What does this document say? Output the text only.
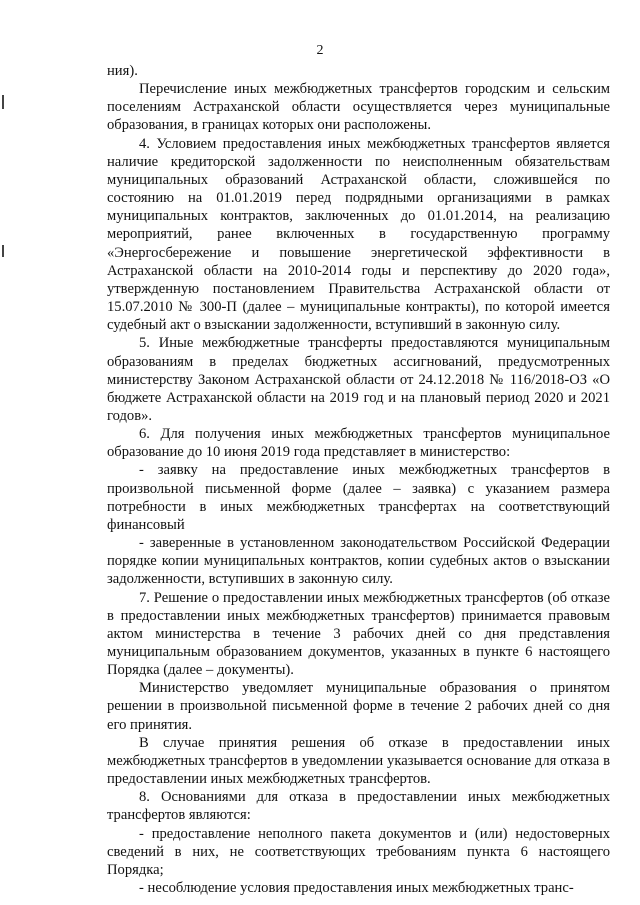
2

ния).

Перечисление иных межбюджетных трансфертов городским и сельским поселениям Астраханской области осуществляется через муниципальные образования, в границах которых они расположены.

4. Условием предоставления иных межбюджетных трансфертов является наличие кредиторской задолженности по неисполненным обязательствам муниципальных образований Астраханской области, сложившейся по состоянию на 01.01.2019 перед подрядными организациями в рамках муниципальных контрактов, заключенных до 01.01.2014, на реализацию мероприятий, ранее включенных в государственную программу «Энергосбережение и повышение энергетической эффективности в Астраханской области на 2010-2014 годы и перспективу до 2020 года», утвержденную постановлением Правительства Астраханской области от 15.07.2010 № 300-П (далее – муниципальные контракты), по которой имеется судебный акт о взыскании задолженности, вступивший в законную силу.

5. Иные межбюджетные трансферты предоставляются муниципальным образованиям в пределах бюджетных ассигнований, предусмотренных министерству Законом Астраханской области от 24.12.2018 № 116/2018-ОЗ «О бюджете Астраханской области на 2019 год и на плановый период 2020 и 2021 годов».

6. Для получения иных межбюджетных трансфертов муниципальное образование до 10 июня 2019 года представляет в министерство:

- заявку на предоставление иных межбюджетных трансфертов в произвольной письменной форме (далее – заявка) с указанием размера потребности в иных межбюджетных трансфертах на соответствующий финансовый

- заверенные в установленном законодательством Российской Федерации порядке копии муниципальных контрактов, копии судебных актов о взыскании задолженности, вступивших в законную силу.

7. Решение о предоставлении иных межбюджетных трансфертов (об отказе в предоставлении иных межбюджетных трансфертов) принимается правовым актом министерства в течение 3 рабочих дней со дня представления муниципальным образованием документов, указанных в пункте 6 настоящего Порядка (далее – документы).

Министерство уведомляет муниципальные образования о принятом решении в произвольной письменной форме в течение 2 рабочих дней со дня его принятия.

В случае принятия решения об отказе в предоставлении иных межбюджетных трансфертов в уведомлении указывается основание для отказа в предоставлении иных межбюджетных трансфертов.

8. Основаниями для отказа в предоставлении иных межбюджетных трансфертов являются:

- предоставление неполного пакета документов и (или) недостоверных сведений в них, не соответствующих требованиям пункта 6 настоящего Порядка;

- несоблюдение условия предоставления иных межбюджетных транс-
